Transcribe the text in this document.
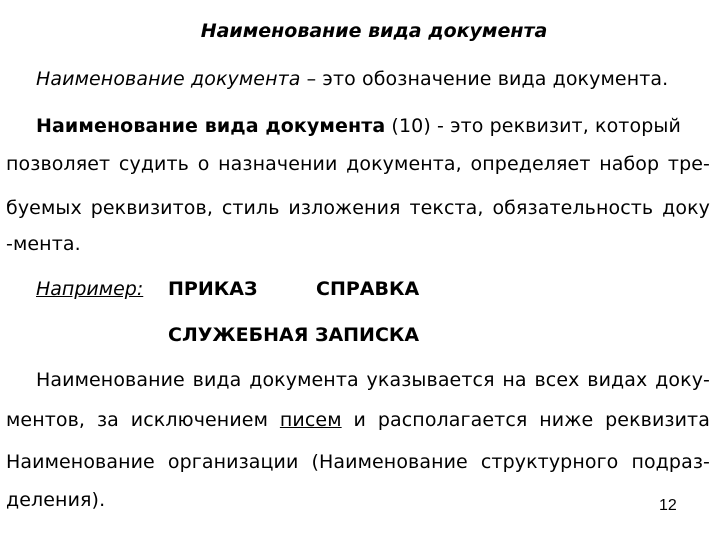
Наименование вида документа
Наименование документа – это обозначение вида документа.
Наименование вида документа (10) - это реквизит, который
позволяет судить о назначении документа, определяет набор тре-
буемых реквизитов, стиль изложения текста, обязательность доку
-мента.
Например: ПРИКАЗ	СПРАВКА
СЛУЖЕБНАЯ ЗАПИСКА
Наименование вида документа указывается на всех видах доку-
ментов, за исключением писем и располагается ниже реквизита
Наименование организации (Наименование структурного подраз-
деления).	12
